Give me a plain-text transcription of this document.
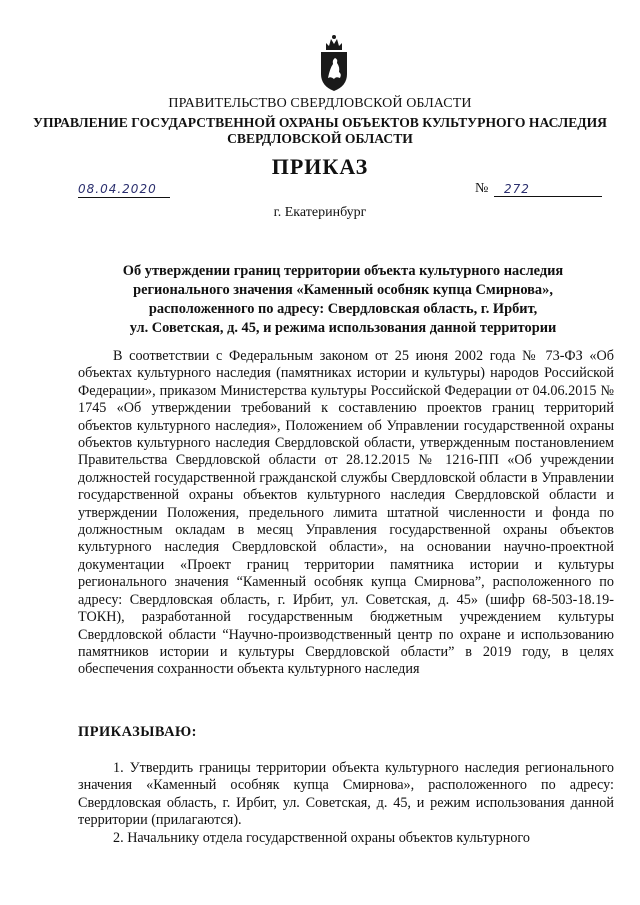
ПРАВИТЕЛЬСТВО СВЕРДЛОВСКОЙ ОБЛАСТИ
УПРАВЛЕНИЕ ГОСУДАРСТВЕННОЙ ОХРАНЫ ОБЪЕКТОВ КУЛЬТУРНОГО НАСЛЕДИЯ
СВЕРДЛОВСКОЙ ОБЛАСТИ
ПРИКАЗ
08.04.2020	№	272
г. Екатеринбург
Об утверждении границ территории объекта культурного наследия
регионального значения «Каменный особняк купца Смирнова»,
расположенного по адресу: Свердловская область, г. Ирбит,
ул. Советская, д. 45, и режима использования данной территории

В соответствии с Федеральным законом от 25 июня 2002 года № 73-ФЗ «Об объектах культурного наследия (памятниках истории и культуры) народов Российской Федерации», приказом Министерства культуры Российской Федерации от 04.06.2015 № 1745 «Об утверждении требований к составлению проектов границ территорий объектов культурного наследия», Положением об Управлении государственной охраны объектов культурного наследия Свердловской области, утвержденным постановлением Правительства Свердловской области от 28.12.2015 № 1216-ПП «Об учреждении должностей государственной гражданской службы Свердловской области в Управлении государственной охраны объектов культурного наследия Свердловской области и утверждении Положения, предельного лимита штатной численности и фонда по должностным окладам в месяц Управления государственной охраны объектов культурного наследия Свердловской области», на основании научно-проектной документации «Проект границ территории памятника истории и культуры регионального значения “Каменный особняк купца Смирнова”, расположенного по адресу: Свердловская область, г. Ирбит, ул. Советская, д. 45» (шифр 68-503-18.19-ТОКН), разработанной государственным бюджетным учреждением культуры Свердловской области “Научно-производственный центр по охране и использованию памятников истории и культуры Свердловской области” в 2019 году, в целях обеспечения сохранности объекта культурного наследия

ПРИКАЗЫВАЮ:

1. Утвердить границы территории объекта культурного наследия регионального значения «Каменный особняк купца Смирнова», расположенного по адресу: Свердловская область, г. Ирбит, ул. Советская, д. 45, и режим использования данной территории (прилагаются).

2. Начальнику отдела государственной охраны объектов культурного
